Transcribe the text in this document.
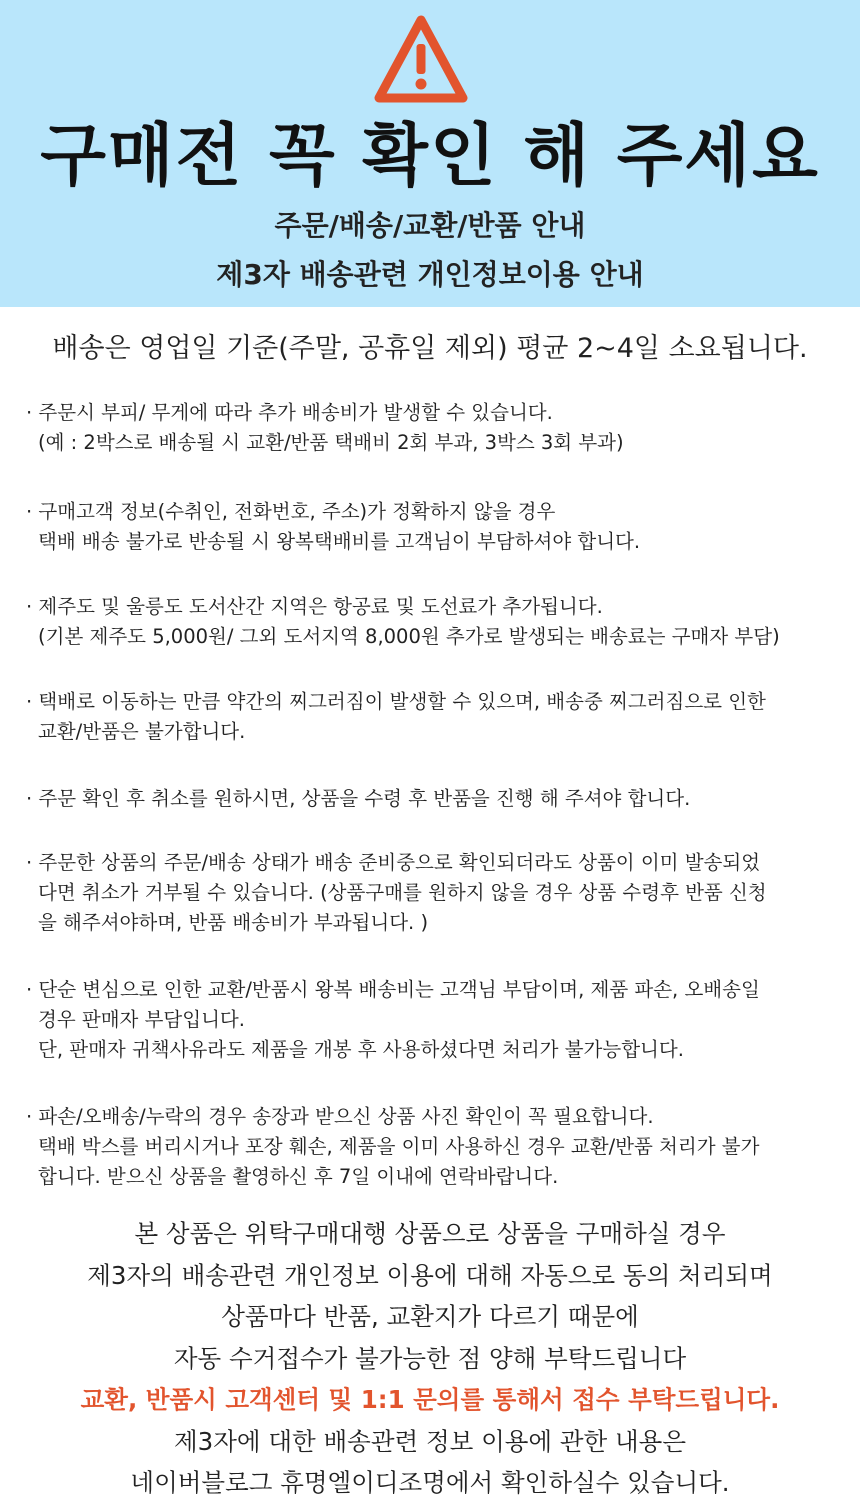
구매전 꼭 확인 해 주세요
주문/배송/교환/반품 안내
제3자 배송관련 개인정보이용 안내
배송은 영업일 기준(주말, 공휴일 제외) 평균 2~4일 소요됩니다.
· 주문시 부피/ 무게에 따라 추가 배송비가 발생할 수 있습니다.
(예 : 2박스로 배송될 시 교환/반품 택배비 2회 부과, 3박스 3회 부과)
· 구매고객 정보(수취인, 전화번호, 주소)가 정확하지 않을 경우
택배 배송 불가로 반송될 시 왕복택배비를 고객님이 부담하셔야 합니다.
· 제주도 및 울릉도 도서산간 지역은 항공료 및 도선료가 추가됩니다.
(기본 제주도 5,000원/ 그외 도서지역 8,000원 추가로 발생되는 배송료는 구매자 부담)
· 택배로 이동하는 만큼 약간의 찌그러짐이 발생할 수 있으며, 배송중 찌그러짐으로 인한
교환/반품은 불가합니다.
· 주문 확인 후 취소를 원하시면, 상품을 수령 후 반품을 진행 해 주셔야 합니다.
· 주문한 상품의 주문/배송 상태가 배송 준비중으로 확인되더라도 상품이 이미 발송되었
다면 취소가 거부될 수 있습니다. (상품구매를 원하지 않을 경우 상품 수령후 반품 신청
을 해주셔야하며, 반품 배송비가 부과됩니다. )
· 단순 변심으로 인한 교환/반품시 왕복 배송비는 고객님 부담이며, 제품 파손, 오배송일
경우 판매자 부담입니다.
단, 판매자 귀책사유라도 제품을 개봉 후 사용하셨다면 처리가 불가능합니다.
· 파손/오배송/누락의 경우 송장과 받으신 상품 사진 확인이 꼭 필요합니다.
택배 박스를 버리시거나 포장 훼손, 제품을 이미 사용하신 경우 교환/반품 처리가 불가
합니다. 받으신 상품을 촬영하신 후 7일 이내에 연락바랍니다.
본 상품은 위탁구매대행 상품으로 상품을 구매하실 경우
제3자의 배송관련 개인정보 이용에 대해 자동으로 동의 처리되며
상품마다 반품, 교환지가 다르기 때문에
자동 수거접수가 불가능한 점 양해 부탁드립니다
교환, 반품시 고객센터 및 1:1 문의를 통해서 접수 부탁드립니다.
제3자에 대한 배송관련 정보 이용에 관한 내용은
네이버블로그 휴명엘이디조명에서 확인하실수 있습니다.
